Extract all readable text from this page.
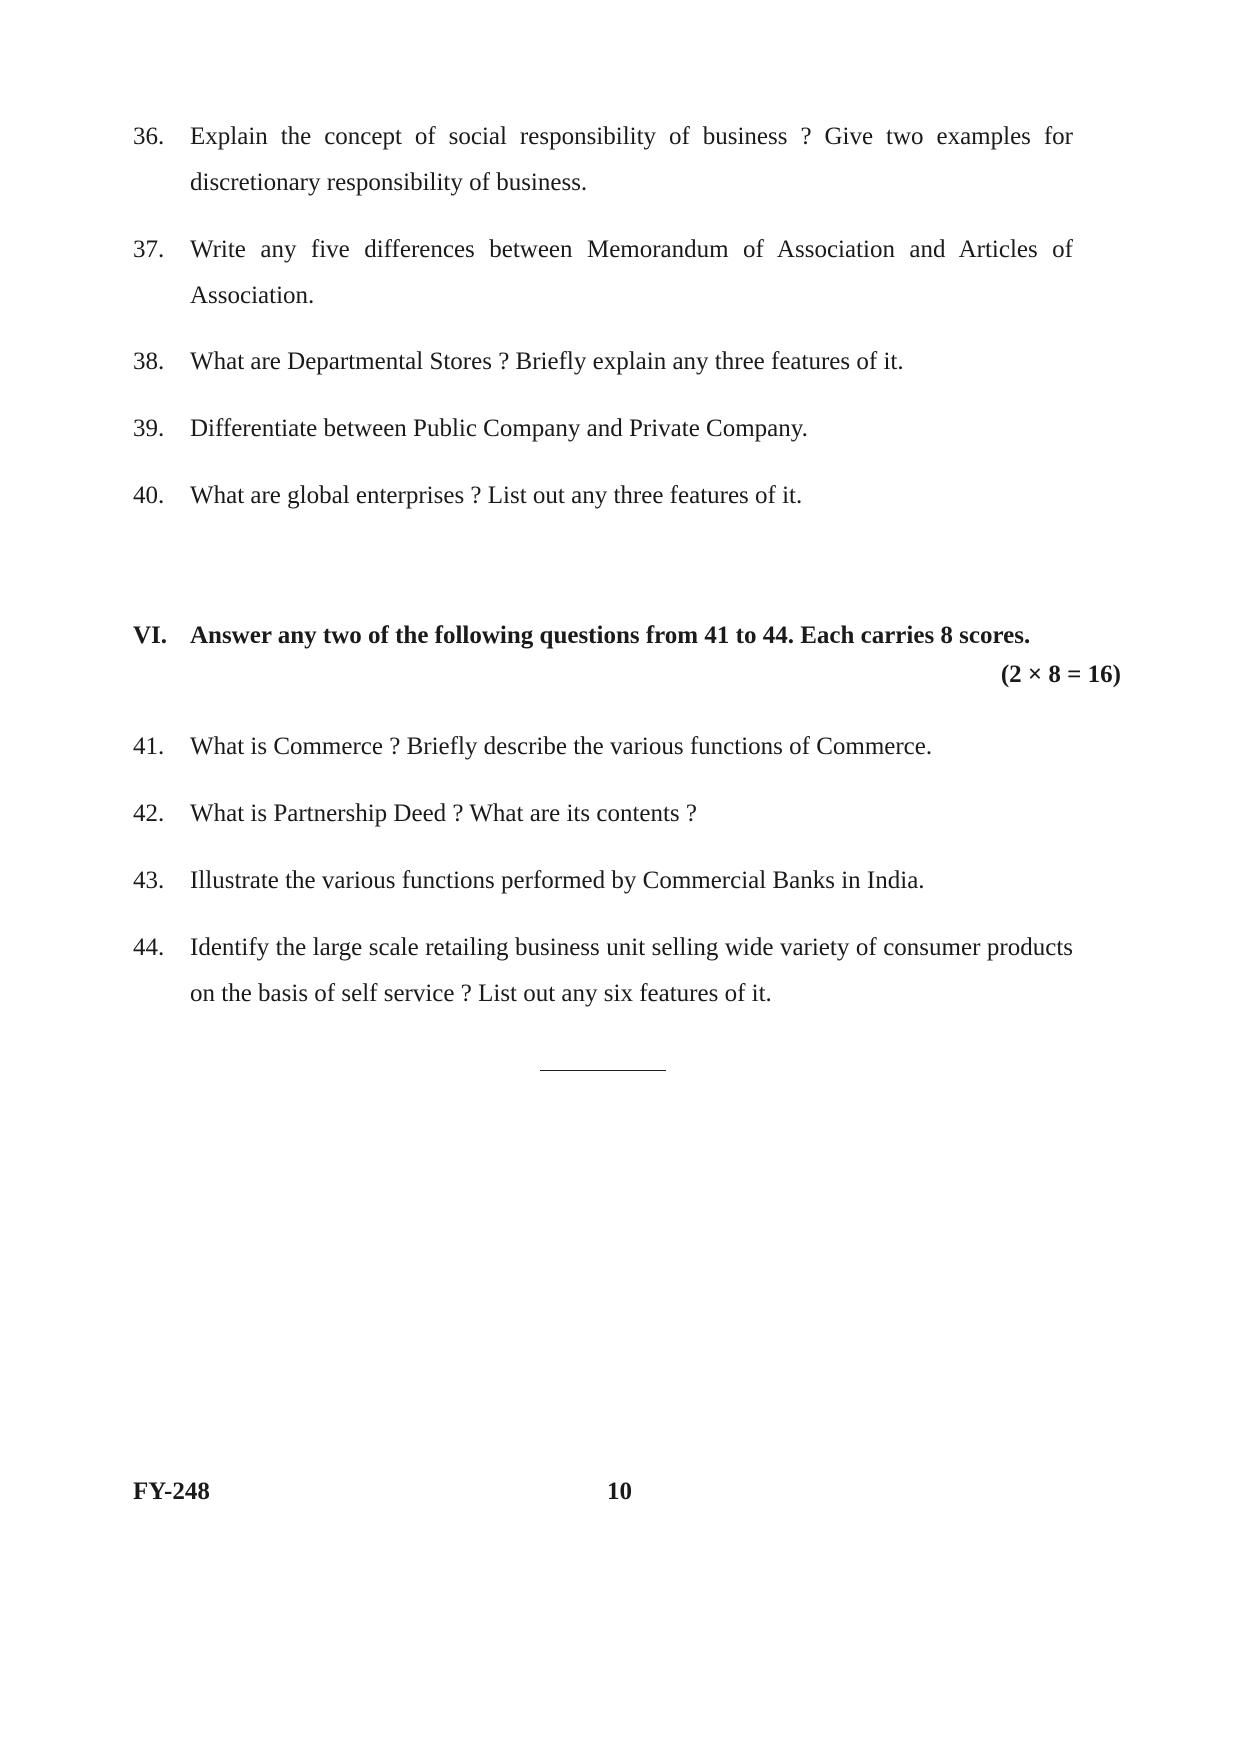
36. Explain the concept of social responsibility of business ? Give two examples for discretionary responsibility of business.
37. Write any five differences between Memorandum of Association and Articles of Association.
38. What are Departmental Stores ? Briefly explain any three features of it.
39. Differentiate between Public Company and Private Company.
40. What are global enterprises ? List out any three features of it.
VI. Answer any two of the following questions from 41 to 44. Each carries 8 scores.
(2 × 8 = 16)
41. What is Commerce ? Briefly describe the various functions of Commerce.
42. What is Partnership Deed ? What are its contents ?
43. Illustrate the various functions performed by Commercial Banks in India.
44. Identify the large scale retailing business unit selling wide variety of consumer products on the basis of self service ? List out any six features of it.
FY-248	10
